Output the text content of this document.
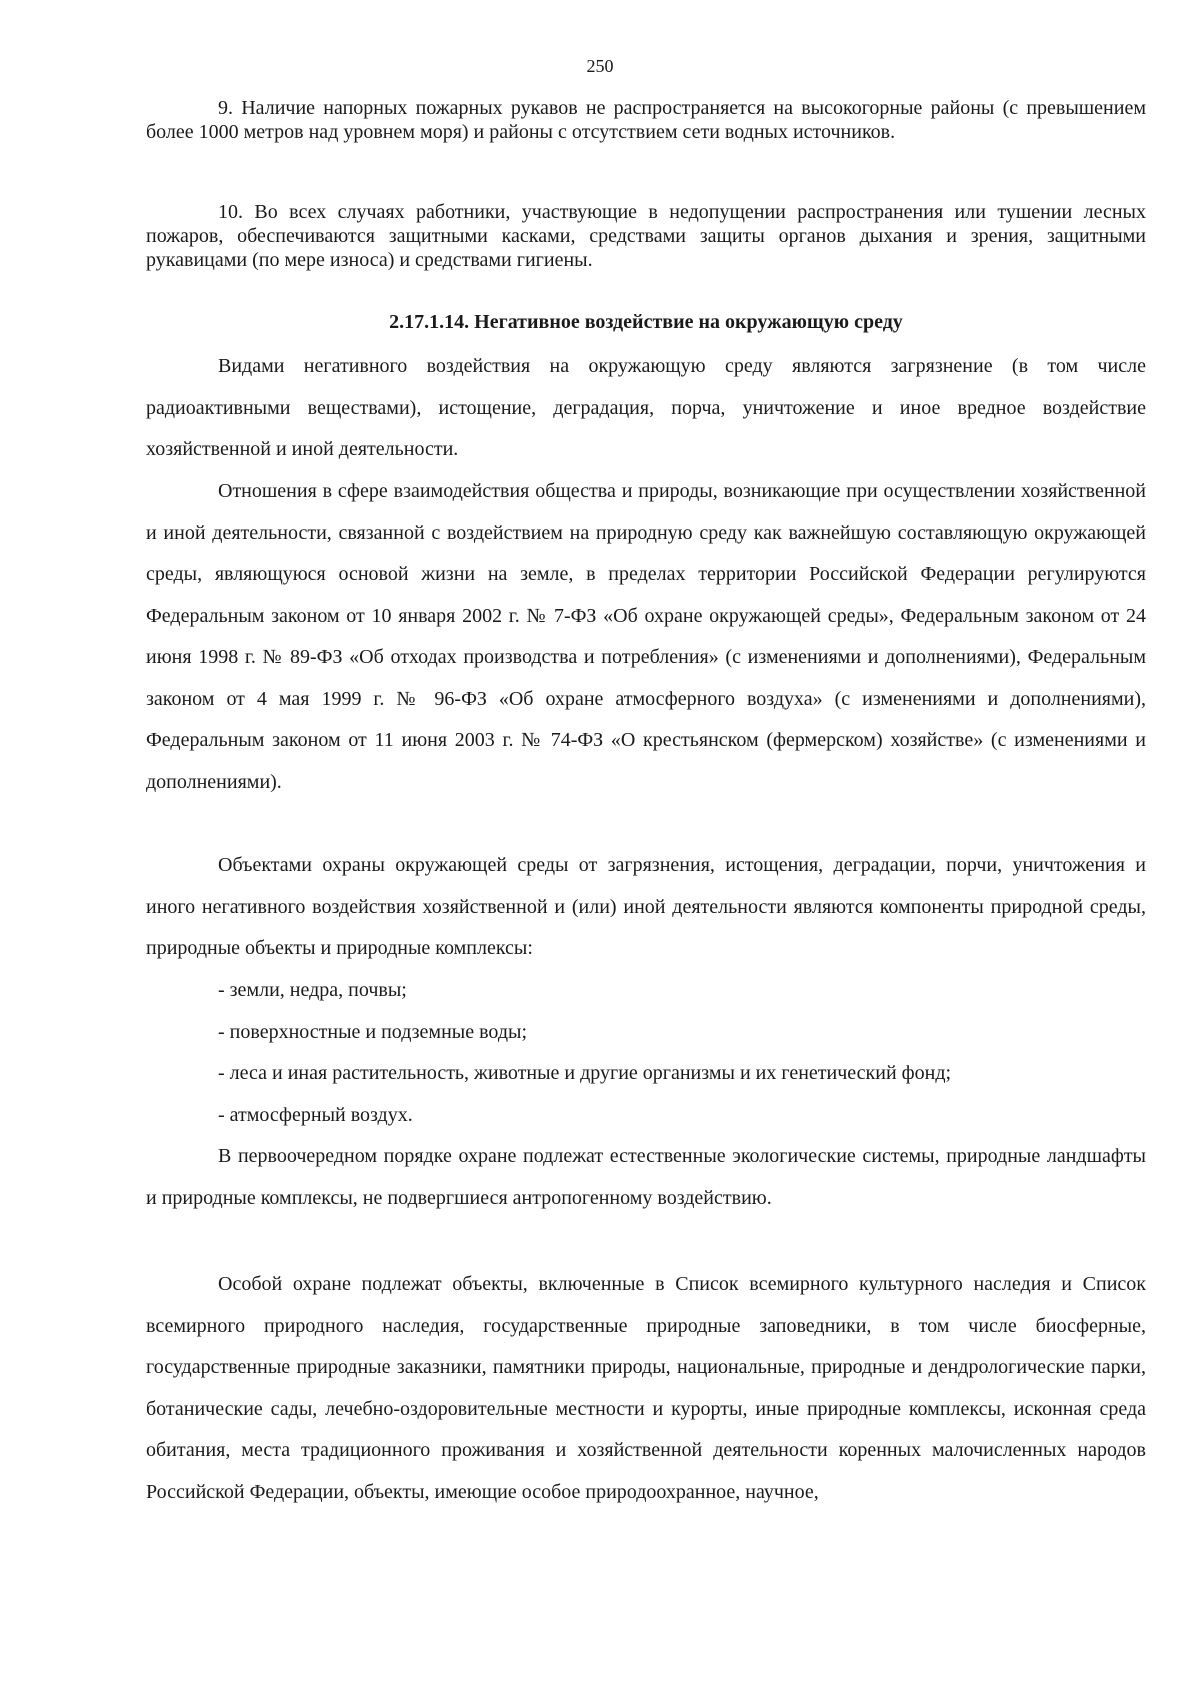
250

9. Наличие напорных пожарных рукавов не распространяется на высокогорные районы (с превышением более 1000 метров над уровнем моря) и районы с отсутствием сети водных источников.

10. Во всех случаях работники, участвующие в недопущении распространения или тушении лесных пожаров, обеспечиваются защитными касками, средствами защиты органов дыхания и зрения, защитными рукавицами (по мере износа) и средствами гигиены.

2.17.1.14. Негативное воздействие на окружающую среду

Видами негативного воздействия на окружающую среду являются загрязнение (в том числе радиоактивными веществами), истощение, деградация, порча, уничтожение и иное вредное воздействие хозяйственной и иной деятельности.

Отношения в сфере взаимодействия общества и природы, возникающие при осуществлении хозяйственной и иной деятельности, связанной с воздействием на природную среду как важнейшую составляющую окружающей среды, являющуюся основой жизни на земле, в пределах территории Российской Федерации регулируются Федеральным законом от 10 января 2002 г. № 7-ФЗ «Об охране окружающей среды», Федеральным законом от 24 июня 1998 г. № 89-ФЗ «Об отходах производства и потребления» (с изменениями и дополнениями), Федеральным законом от 4 мая 1999 г. № 96-ФЗ «Об охране атмосферного воздуха» (с изменениями и дополнениями), Федеральным законом от 11 июня 2003 г. № 74-ФЗ «О крестьянском (фермерском) хозяйстве» (с изменениями и дополнениями).

Объектами охраны окружающей среды от загрязнения, истощения, деградации, порчи, уничтожения и иного негативного воздействия хозяйственной и (или) иной деятельности являются компоненты природной среды, природные объекты и природные комплексы:

- земли, недра, почвы;
- поверхностные и подземные воды;
- леса и иная растительность, животные и другие организмы и их генетический фонд;
- атмосферный воздух.

В первоочередном порядке охране подлежат естественные экологические системы, природные ландшафты и природные комплексы, не подвергшиеся антропогенному воздействию.

Особой охране подлежат объекты, включенные в Список всемирного культурного наследия и Список всемирного природного наследия, государственные природные заповедники, в том числе биосферные, государственные природные заказники, памятники природы, национальные, природные и дендрологические парки, ботанические сады, лечебно-оздоровительные местности и курорты, иные природные комплексы, исконная среда обитания, места традиционного проживания и хозяйственной деятельности коренных малочисленных народов Российской Федерации, объекты, имеющие особое природоохранное, научное,
